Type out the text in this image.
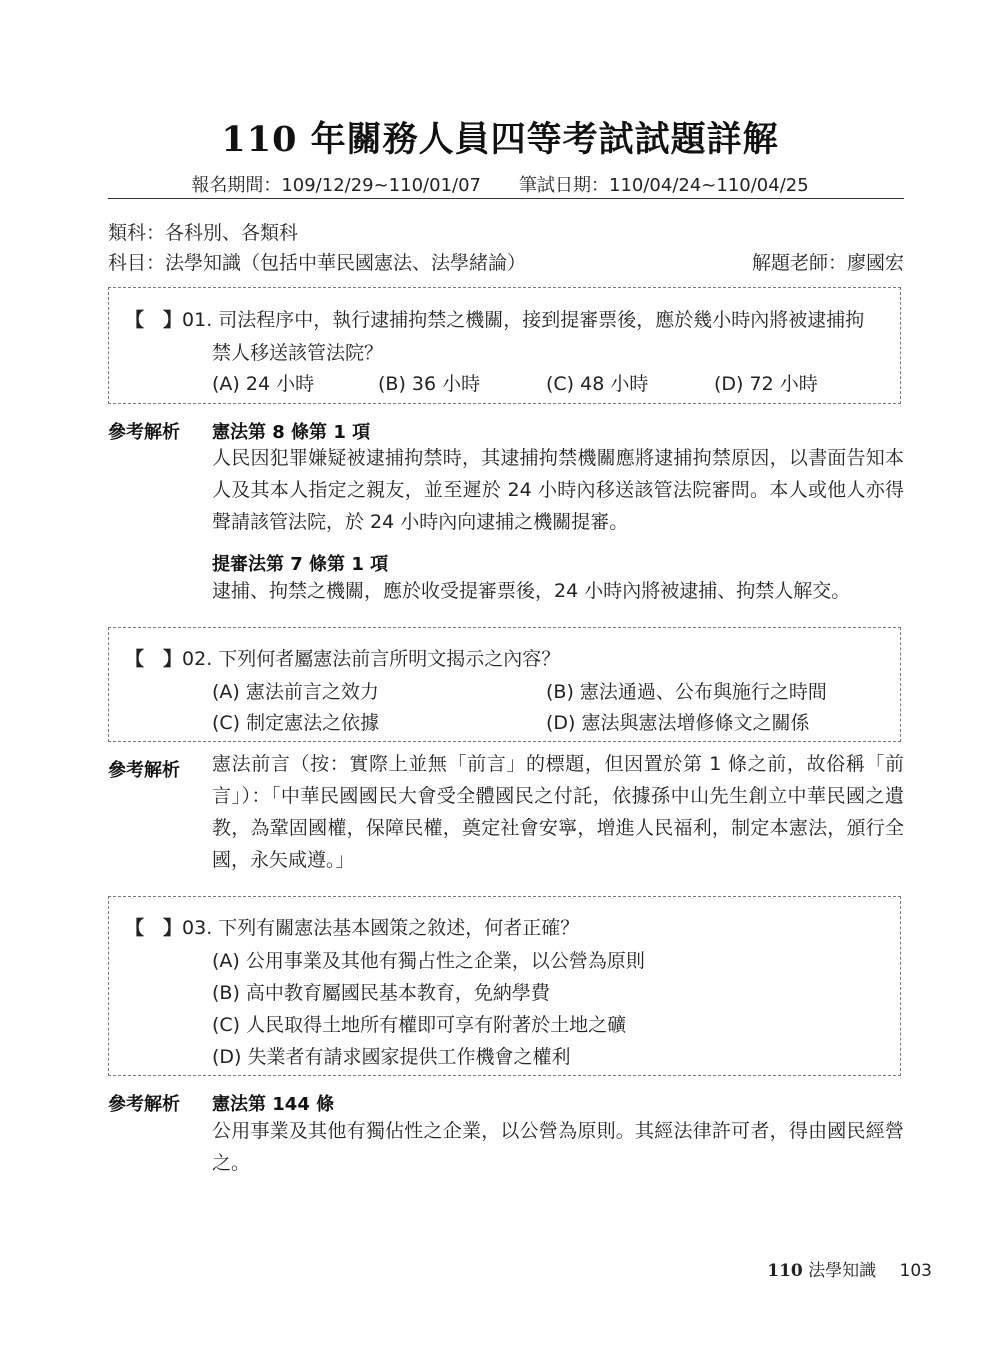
110 年關務人員四等考試試題詳解
報名期間：109/12/29~110/01/07 筆試日期：110/04/24~110/04/25
類科：各科別、各類科
科目：法學知識（包括中華民國憲法、法學緒論）	解題老師：廖國宏
【　】01. 司法程序中，執行逮捕拘禁之機關，接到提審票後，應於幾小時內將被逮捕拘
禁人移送該管法院？
(A) 24 小時	(B) 36 小時	(C) 48 小時	(D) 72 小時
參考解析 憲法第 8 條第 1 項
人民因犯罪嫌疑被逮捕拘禁時，其逮捕拘禁機關應將逮捕拘禁原因，以書面告知本人及其本人指定之親友，並至遲於 24 小時內移送該管法院審問。本人或他人亦得聲請該管法院，於 24 小時內向逮捕之機關提審。
提審法第 7 條第 1 項
逮捕、拘禁之機關，應於收受提審票後，24 小時內將被逮捕、拘禁人解交。
【　】02. 下列何者屬憲法前言所明文揭示之內容？
(A) 憲法前言之效力	(B) 憲法通過、公布與施行之時間
(C) 制定憲法之依據	(D) 憲法與憲法增修條文之關係
參考解析 憲法前言（按：實際上並無「前言」的標題，但因置於第 1 條之前，故俗稱「前言」）：「中華民國國民大會受全體國民之付託，依據孫中山先生創立中華民國之遺教，為鞏固國權，保障民權，奠定社會安寧，增進人民福利，制定本憲法，頒行全國，永矢咸遵。」
【　】03. 下列有關憲法基本國策之敘述，何者正確？
(A) 公用事業及其他有獨占性之企業，以公營為原則
(B) 高中教育屬國民基本教育，免納學費
(C) 人民取得土地所有權即可享有附著於土地之礦
(D) 失業者有請求國家提供工作機會之權利
參考解析 憲法第 144 條
公用事業及其他有獨佔性之企業，以公營為原則。其經法律許可者，得由國民經營之。
110 法學知識 103
